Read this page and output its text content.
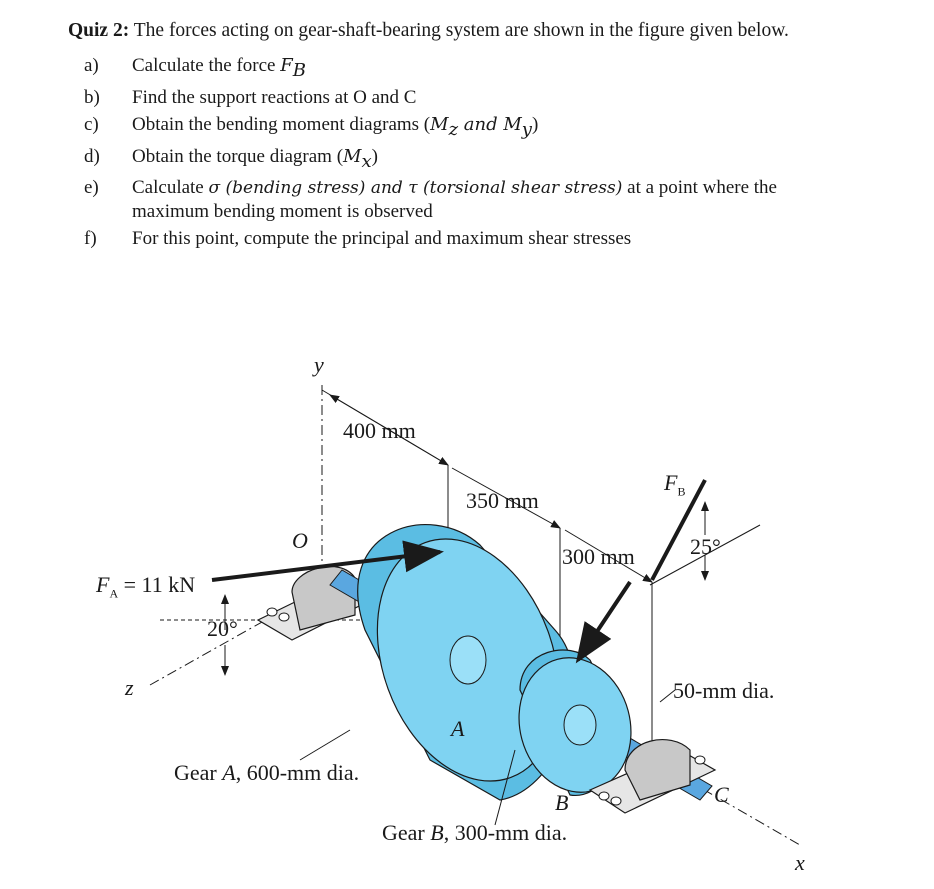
Quiz 2: The forces acting on gear-shaft-bearing system are shown in the figure given below.
a) Calculate the force $F_B$
b) Find the support reactions at O and C
c) Obtain the bending moment diagrams ($M_z$ and $M_y$)
d) Obtain the torque diagram $(M_x)$
e) Calculate σ (bending stress) and τ (torsional shear stress) at a point where the
maximum bending moment is observed
f) For this point, compute the principal and maximum shear stresses
y
400 mm
350 mm
300 mm
O
$F_A = 11$ kN
20°
z
$F_B$
25°
50-mm dia.
A
Gear A, 600-mm dia.
B	C
Gear B, 300-mm dia.
x
